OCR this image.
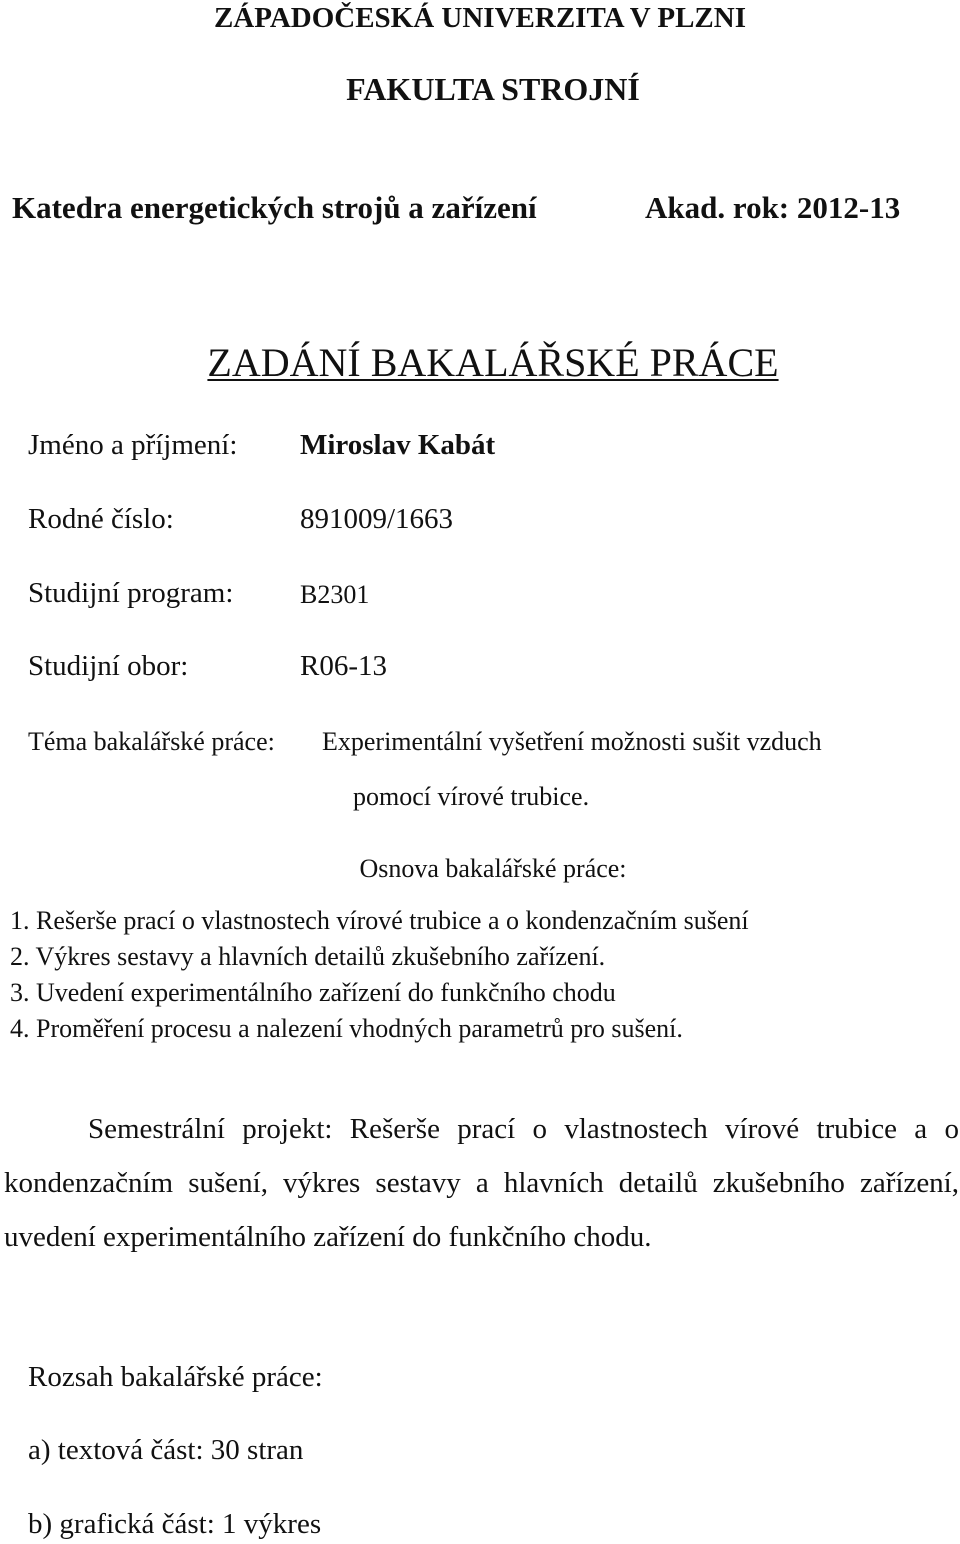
ZÁPADOČESKÁ UNIVERZITA V PLZNI
FAKULTA STROJNÍ
Katedra energetických strojů a zařízení	Akad. rok: 2012-13
ZADÁNÍ BAKALÁŘSKÉ PRÁCE
Jméno a příjmení: Miroslav Kabát
Rodné číslo:	891009/1663
Studijní program:	B2301
Studijní obor:	R06-13
Téma bakalářské práce: Experimentální vyšetření možnosti sušit vzduch
pomocí vírové trubice.
Osnova bakalářské práce:
1. Rešerše prací o vlastnostech vírové trubice a o kondenzačním sušení
2. Výkres sestavy a hlavních detailů zkušebního zařízení.
3. Uvedení experimentálního zařízení do funkčního chodu
4. Proměření procesu a nalezení vhodných parametrů pro sušení.
Semestrální projekt: Rešerše prací o vlastnostech vírové trubice a o kondenzačním sušení, výkres sestavy a hlavních detailů zkušebního zařízení, uvedení experimentálního zařízení do funkčního chodu.
Rozsah bakalářské práce:
a) textová část: 30 stran
b) grafická část: 1 výkres
